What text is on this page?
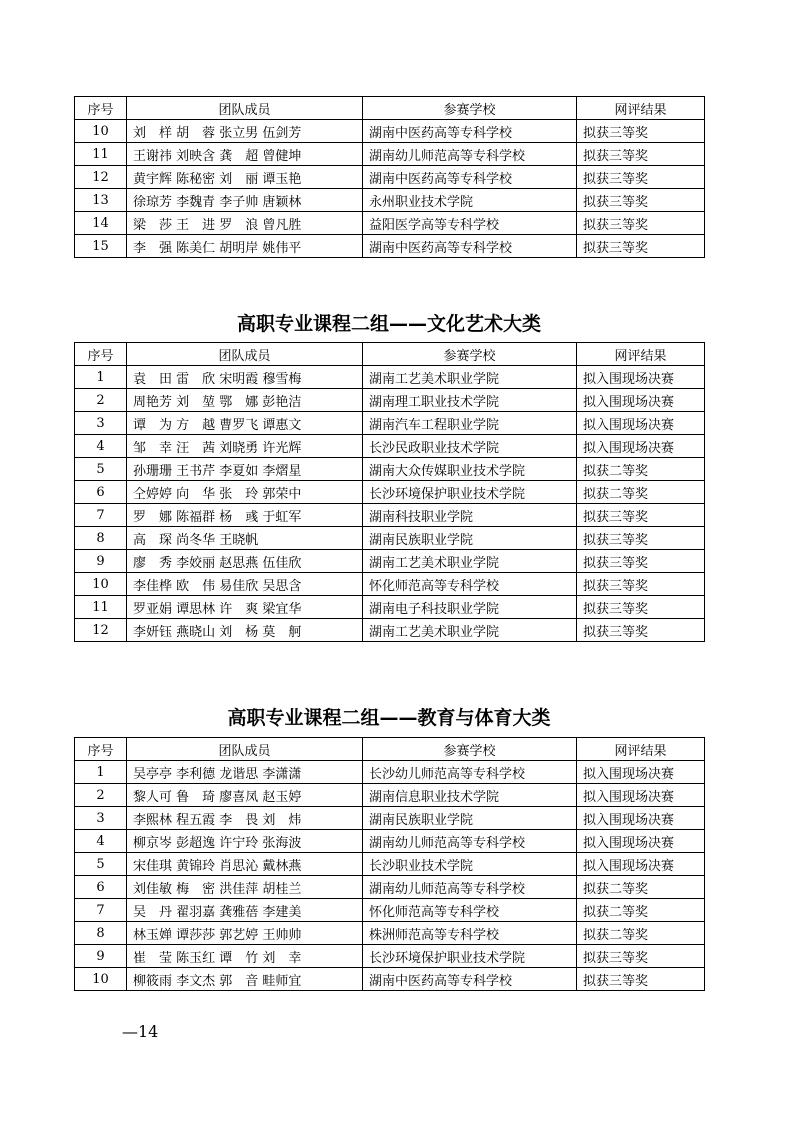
序号	团队成员	参赛学校	网评结果
10	刘　样 胡　蓉 张立男 伍剑芳	湖南中医药高等专科学校	拟获三等奖
11	王谢祎 刘映含 龚　超 曾健坤	湖南幼儿师范高等专科学校	拟获三等奖
12	黄宇辉 陈秘密 刘　丽 谭玉艳	湖南中医药高等专科学校	拟获三等奖
13	徐琼芳 李魏青 李子帅 唐颖林	永州职业技术学院	拟获三等奖
14	梁　莎 王　进 罗　浪 曾凡胜	益阳医学高等专科学校	拟获三等奖
15	李　强 陈美仁 胡明岸 姚伟平	湖南中医药高等专科学校	拟获三等奖
高职专业课程二组——文化艺术大类
序号	团队成员	参赛学校	网评结果
1	袁　田 雷　欣 宋明霞 穆雪梅	湖南工艺美术职业学院	拟入围现场决赛
2	周艳芳 刘　堃 鄂　娜 彭艳洁	湖南理工职业技术学院	拟入围现场决赛
3	谭　为 方　越 曹罗飞 谭惠文	湖南汽车工程职业学院	拟入围现场决赛
4	邹　幸 汪　茜 刘晓勇 许光辉	长沙民政职业技术学院	拟入围现场决赛
5	孙珊珊 王书芹 李夏如 李熠星	湖南大众传媒职业技术学院	拟获二等奖
6	仝婷婷 向　华 张　玲 郭荣中	长沙环境保护职业技术学院	拟获二等奖
7	罗　娜 陈福群 杨　彧 于虹军	湖南科技职业学院	拟获三等奖
8	高　琛 尚冬华 王晓帆	湖南民族职业学院	拟获三等奖
9	廖　秀 李姣丽 赵思燕 伍佳欣	湖南工艺美术职业学院	拟获三等奖
10	李佳桦 欧　伟 易佳欣 吴思含	怀化师范高等专科学校	拟获三等奖
11	罗亚娟 谭思林 许　爽 梁宜华	湖南电子科技职业学院	拟获三等奖
12	李妍钰 燕晓山 刘　杨 莫　舸	湖南工艺美术职业学院	拟获三等奖
高职专业课程二组——教育与体育大类
序号	团队成员	参赛学校	网评结果
1	吴亭亭 李利德 龙谐思 李潇潇	长沙幼儿师范高等专科学校	拟入围现场决赛
2	黎人可 鲁　琦 廖喜凤 赵玉婷	湖南信息职业技术学院	拟入围现场决赛
3	李熙林 程五霞 李　畏 刘　炜	湖南民族职业学院	拟入围现场决赛
4	柳京岑 彭超逸 许宁玲 张海波	湖南幼儿师范高等专科学校	拟入围现场决赛
5	宋佳琪 黄锦玲 肖思沁 戴林燕	长沙职业技术学院	拟入围现场决赛
6	刘佳敏 梅　密 洪佳萍 胡桂兰	湖南幼儿师范高等专科学校	拟获二等奖
7	吴　丹 翟羽嘉 龚雅蓓 李建美	怀化师范高等专科学校	拟获二等奖
8	林玉婵 谭莎莎 郭艺婷 王帅帅	株洲师范高等专科学校	拟获二等奖
9	崔　莹 陈玉红 谭　竹 刘　幸	长沙环境保护职业技术学院	拟获三等奖
10	柳筱雨 李文杰 郭　音 畦师宜	湖南中医药高等专科学校	拟获三等奖
—14
